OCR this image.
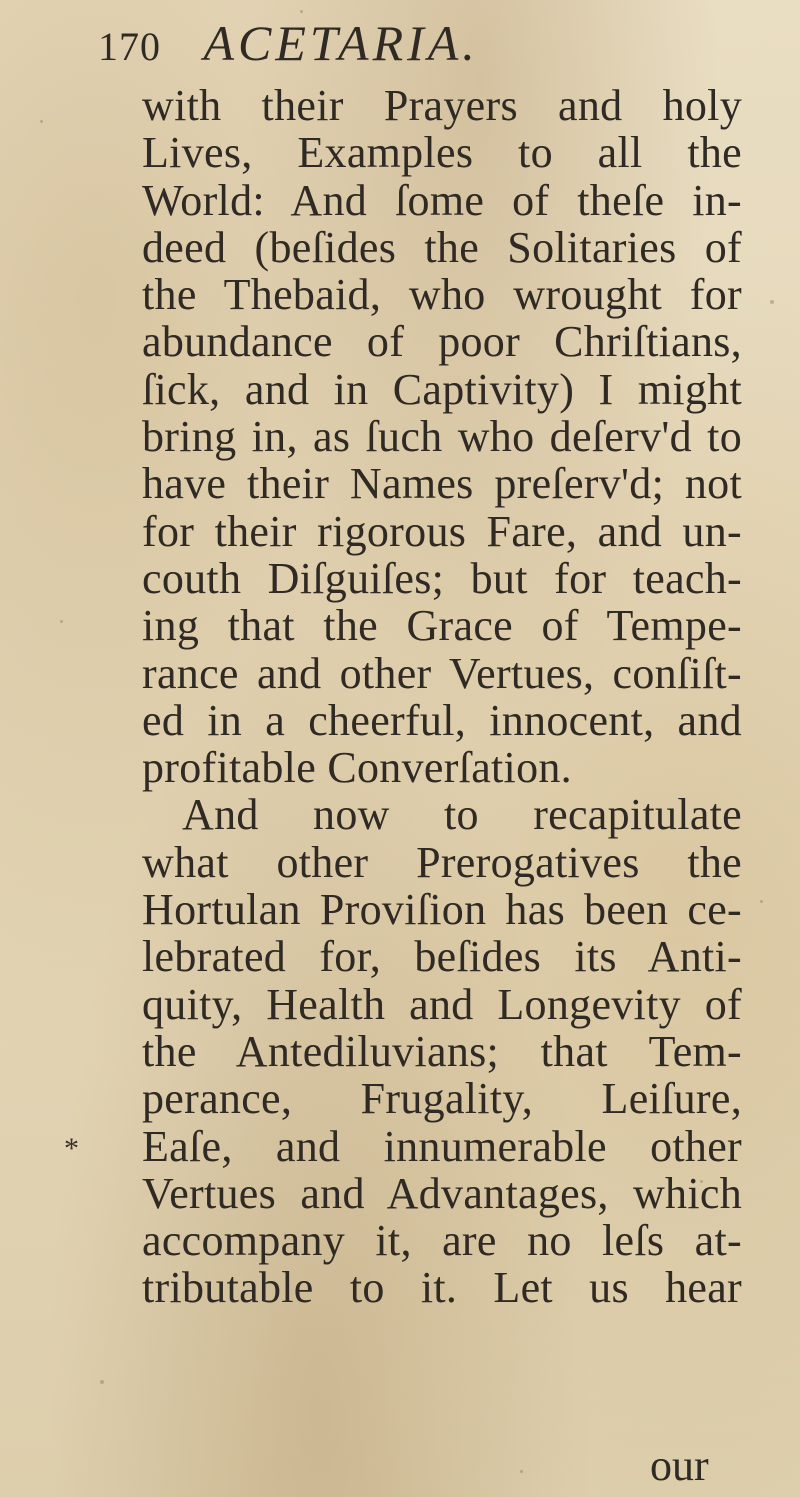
170 ACETARIA.
with their Prayers and holy
Lives, Examples to all the
World: And ſome of theſe in-
deed (beſides the Solitaries of
the Thebaid, who wrought for
abundance of poor Chriſtians,
ſick, and in Captivity) I might
bring in, as ſuch who deſerv'd to
have their Names preſerv'd; not
for their rigorous Fare, and un-
couth Diſguiſes; but for teach-
ing that the Grace of Tempe-
rance and other Vertues, conſiſt-
ed in a cheerful, innocent, and
profitable Converſation.
And now to recapitulate
what other Prerogatives the
Hortulan Proviſion has been ce-
lebrated for, beſides its Anti-
quity, Health and Longevity of
the Antediluvians; that Tem-
perance, Frugality, Leiſure,
Eaſe, and innumerable other
Vertues and Advantages, which
accompany it, are no leſs at-
tributable to it. Let us hear
*
our
